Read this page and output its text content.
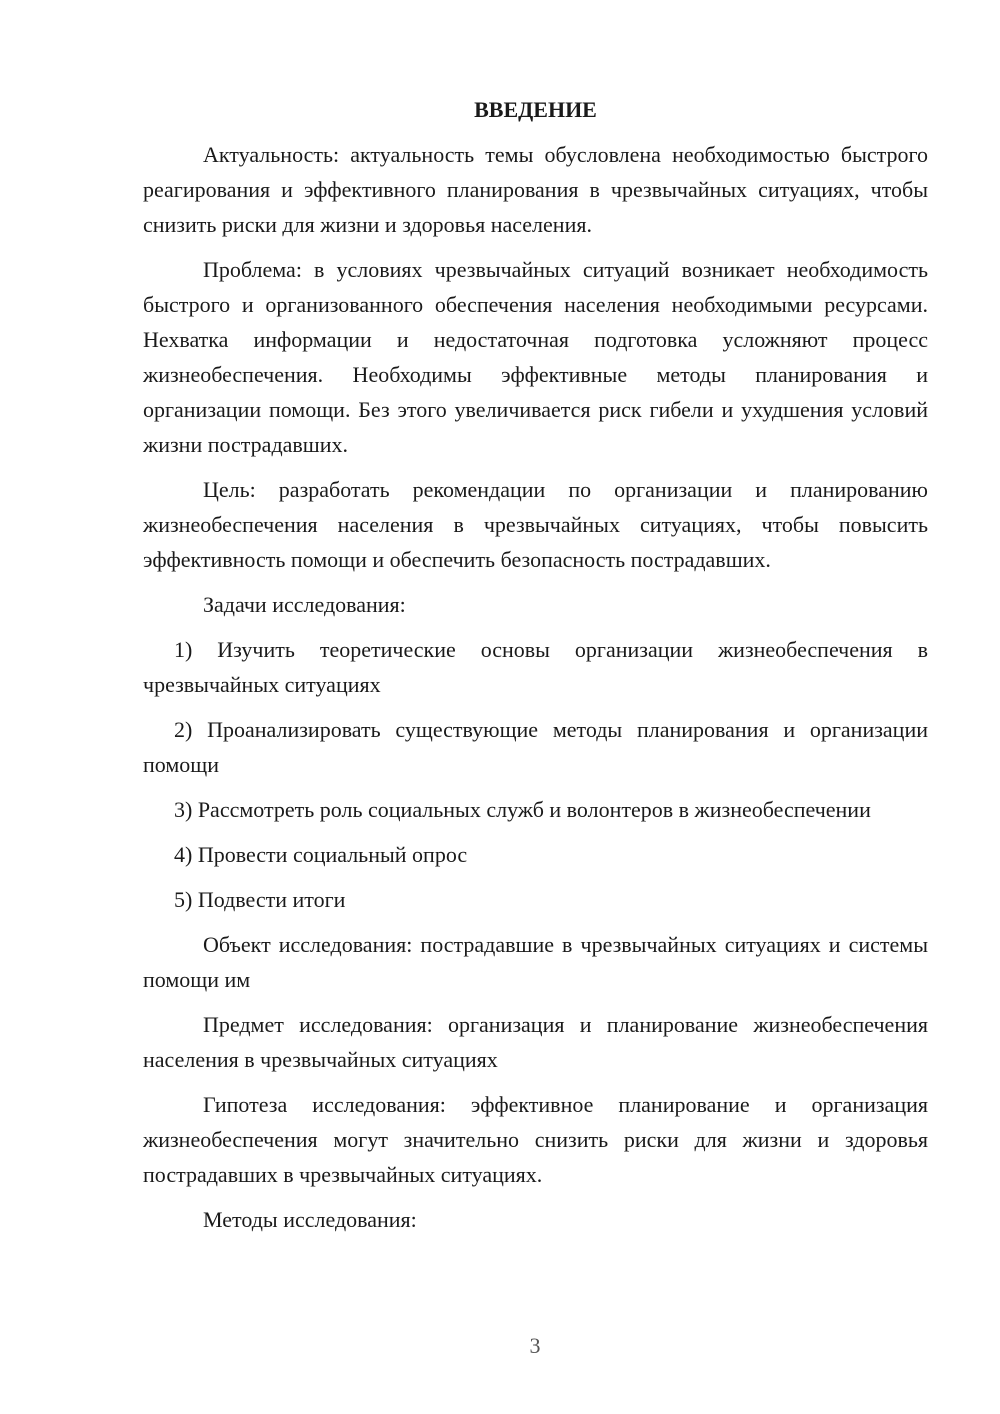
ВВЕДЕНИЕ

Актуальность: актуальность темы обусловлена необходимостью быстрого реагирования и эффективного планирования в чрезвычайных ситуациях, чтобы снизить риски для жизни и здоровья населения.

Проблема: в условиях чрезвычайных ситуаций возникает необходимость быстрого и организованного обеспечения населения необходимыми ресурсами. Нехватка информации и недостаточная подготовка усложняют процесс жизнеобеспечения. Необходимы эффективные методы планирования и организации помощи. Без этого увеличивается риск гибели и ухудшения условий жизни пострадавших.

Цель: разработать рекомендации по организации и планированию жизнеобеспечения населения в чрезвычайных ситуациях, чтобы повысить эффективность помощи и обеспечить безопасность пострадавших.

Задачи исследования:

1) Изучить теоретические основы организации жизнеобеспечения в чрезвычайных ситуациях

2) Проанализировать существующие методы планирования и организации помощи

3) Рассмотреть роль социальных служб и волонтеров в жизнеобеспечении

4) Провести социальный опрос

5) Подвести итоги

Объект исследования: пострадавшие в чрезвычайных ситуациях и системы помощи им

Предмет исследования: организация и планирование жизнеобеспечения населения в чрезвычайных ситуациях

Гипотеза исследования: эффективное планирование и организация жизнеобеспечения могут значительно снизить риски для жизни и здоровья пострадавших в чрезвычайных ситуациях.

Методы исследования:

3
